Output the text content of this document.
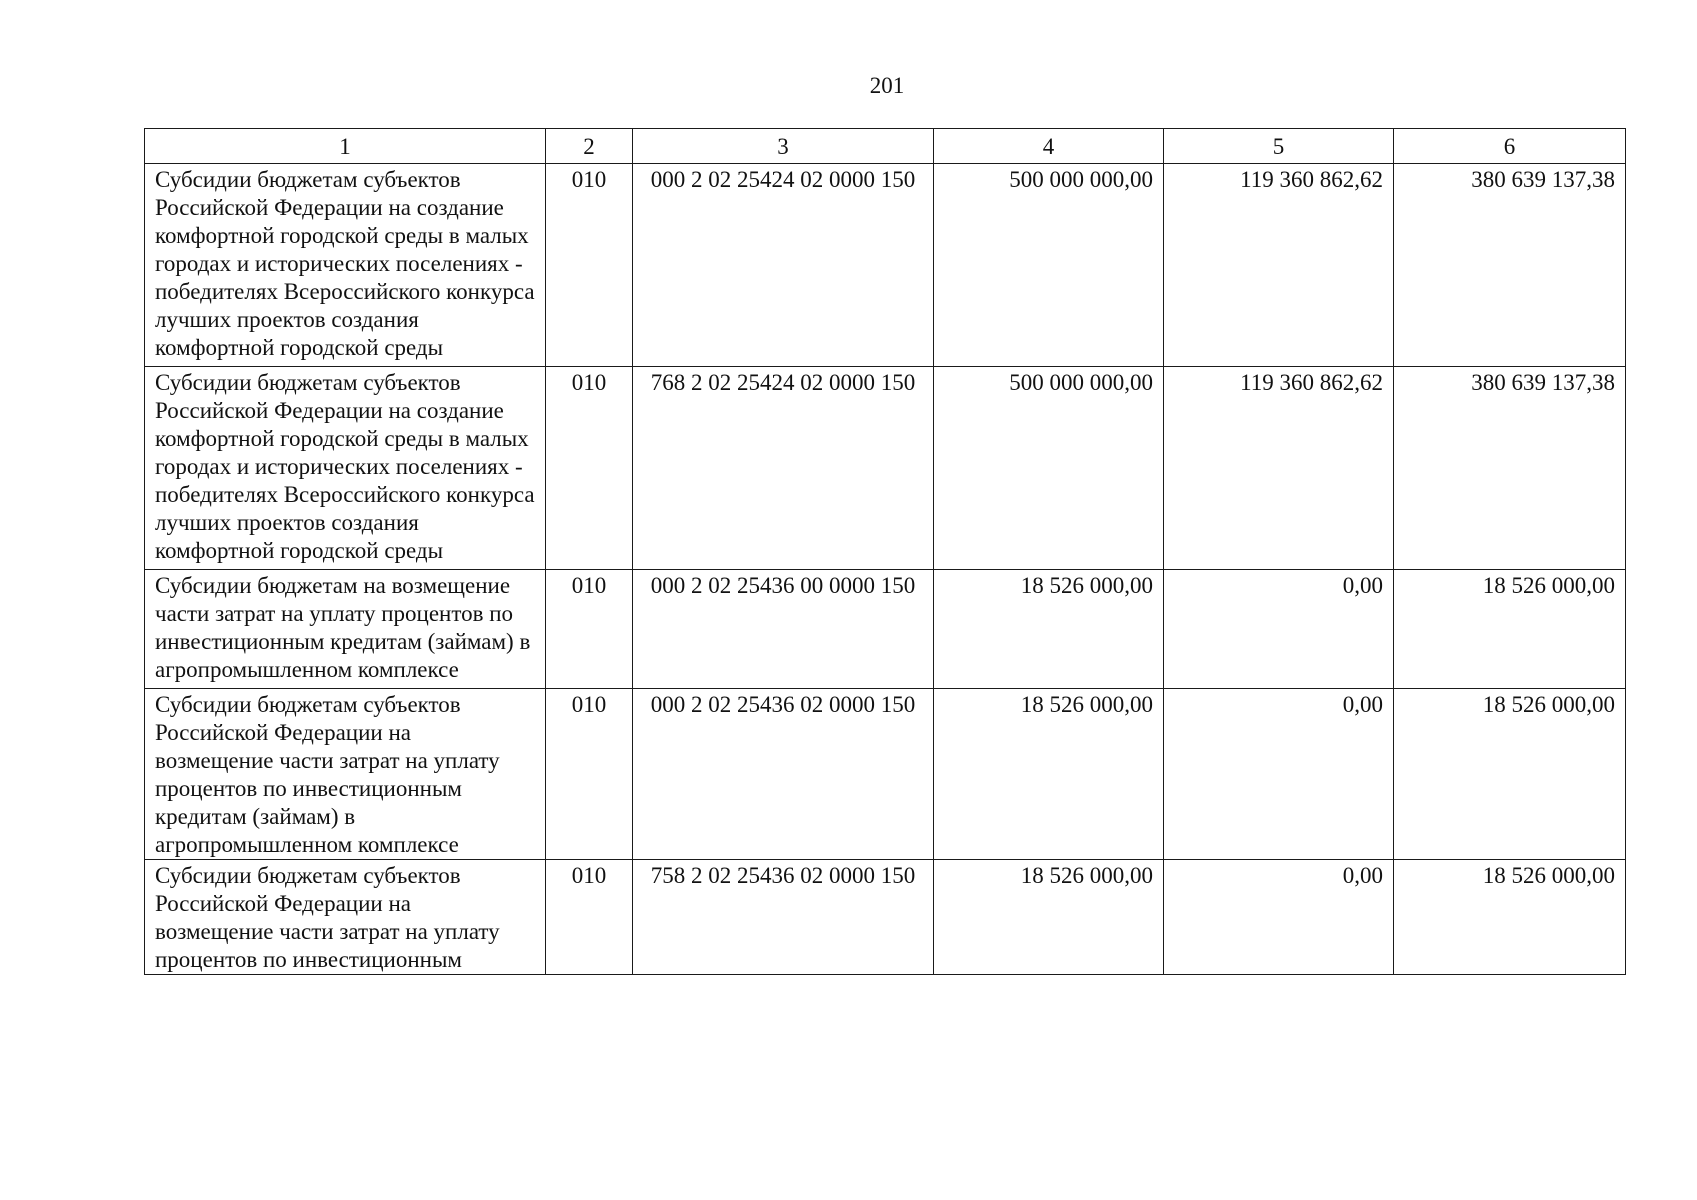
201
1	2	3	4	5	6
Субсидии бюджетам субъектов Российской Федерации на создание комфортной городской среды в малых городах и исторических поселениях - победителях Всероссийского конкурса лучших проектов создания комфортной городской среды	010	000 2 02 25424 02 0000 150	500 000 000,00	119 360 862,62	380 639 137,38
Субсидии бюджетам субъектов Российской Федерации на создание комфортной городской среды в малых городах и исторических поселениях - победителях Всероссийского конкурса лучших проектов создания комфортной городской среды	010	768 2 02 25424 02 0000 150	500 000 000,00	119 360 862,62	380 639 137,38
Субсидии бюджетам на возмещение части затрат на уплату процентов по инвестиционным кредитам (займам) в агропромышленном комплексе	010	000 2 02 25436 00 0000 150	18 526 000,00	0,00	18 526 000,00
Субсидии бюджетам субъектов Российской Федерации на возмещение части затрат на уплату процентов по инвестиционным кредитам (займам) в агропромышленном комплексе	010	000 2 02 25436 02 0000 150	18 526 000,00	0,00	18 526 000,00
Субсидии бюджетам субъектов Российской Федерации на возмещение части затрат на уплату процентов по инвестиционным	010	758 2 02 25436 02 0000 150	18 526 000,00	0,00	18 526 000,00
